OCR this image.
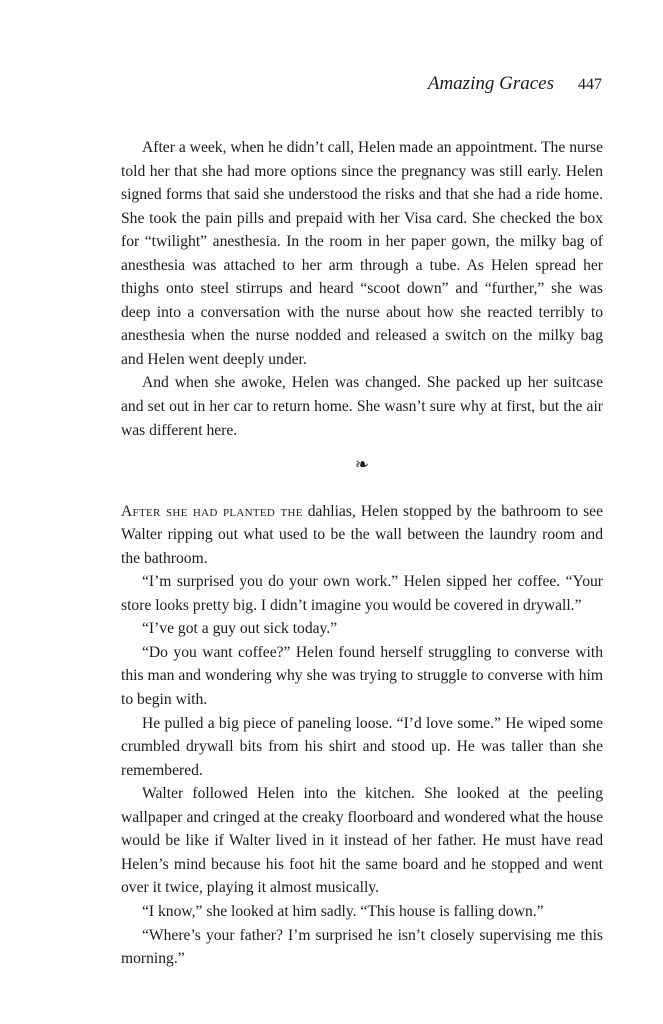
Amazing Graces 447

After a week, when he didn’t call, Helen made an appointment. The nurse told her that she had more options since the pregnancy was still early. Helen signed forms that said she understood the risks and that she had a ride home. She took the pain pills and prepaid with her Visa card. She checked the box for “twilight” anesthesia. In the room in her paper gown, the milky bag of anesthesia was attached to her arm through a tube. As Helen spread her thighs onto steel stirrups and heard “scoot down” and “further,” she was deep into a conversation with the nurse about how she reacted terribly to anesthesia when the nurse nodded and released a switch on the milky bag and Helen went deeply under.

And when she awoke, Helen was changed. She packed up her suitcase and set out in her car to return home. She wasn’t sure why at first, but the air was different here.

❧

After she had planted the dahlias, Helen stopped by the bathroom to see Walter ripping out what used to be the wall between the laundry room and the bathroom.

“I’m surprised you do your own work.” Helen sipped her coffee. “Your store looks pretty big. I didn’t imagine you would be covered in drywall.”

“I’ve got a guy out sick today.”

“Do you want coffee?” Helen found herself struggling to converse with this man and wondering why she was trying to struggle to converse with him to begin with.

He pulled a big piece of paneling loose. “I’d love some.” He wiped some crumbled drywall bits from his shirt and stood up. He was taller than she remembered.

Walter followed Helen into the kitchen. She looked at the peeling wallpaper and cringed at the creaky floorboard and wondered what the house would be like if Walter lived in it instead of her father. He must have read Helen’s mind because his foot hit the same board and he stopped and went over it twice, playing it almost musically.

“I know,” she looked at him sadly. “This house is falling down.”

“Where’s your father? I’m surprised he isn’t closely supervising me this morning.”
